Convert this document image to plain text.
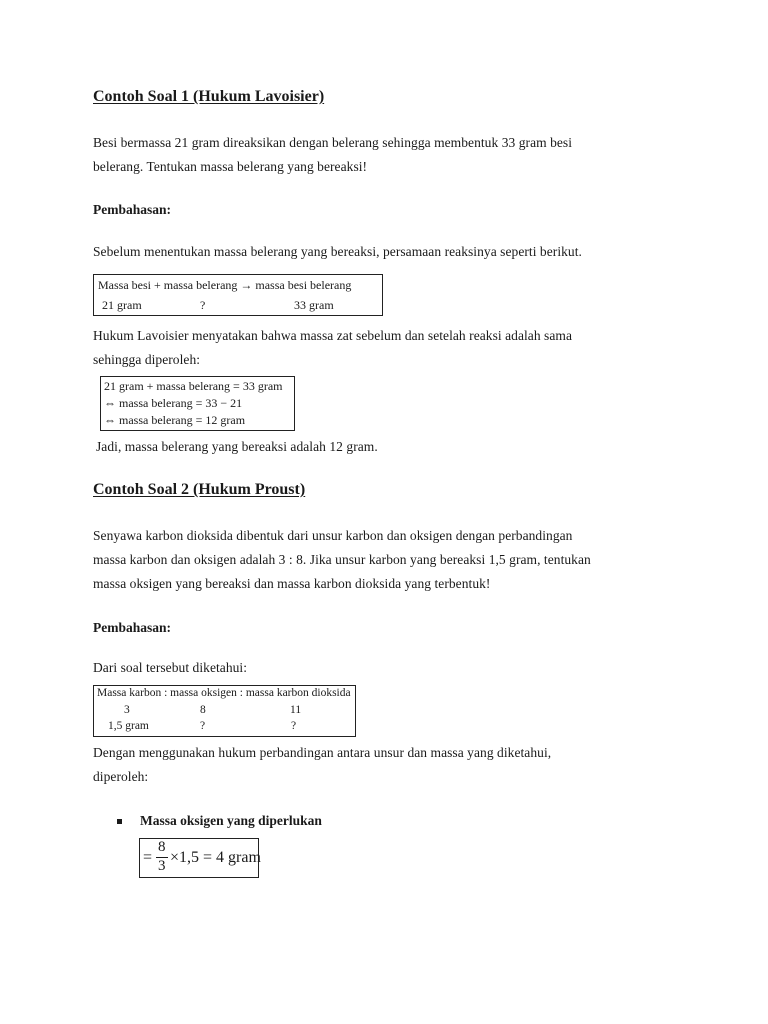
Contoh Soal 1 (Hukum Lavoisier)
Besi bermassa 21 gram direaksikan dengan belerang sehingga membentuk 33 gram besi
belerang. Tentukan massa belerang yang bereaksi!
Pembahasan:
Sebelum menentukan massa belerang yang bereaksi, persamaan reaksinya seperti berikut.
Massa besi + massa belerang → massa besi belerang
21 gram	?	33 gram
Hukum Lavoisier menyatakan bahwa massa zat sebelum dan setelah reaksi adalah sama
sehingga diperoleh:
21 gram + massa belerang = 33 gram
⇔ massa belerang = 33 − 21
⇔ massa belerang = 12 gram
Jadi, massa belerang yang bereaksi adalah 12 gram.
Contoh Soal 2 (Hukum Proust)
Senyawa karbon dioksida dibentuk dari unsur karbon dan oksigen dengan perbandingan
massa karbon dan oksigen adalah 3 : 8. Jika unsur karbon yang bereaksi 1,5 gram, tentukan
massa oksigen yang bereaksi dan massa karbon dioksida yang terbentuk!
Pembahasan:
Dari soal tersebut diketahui:
Massa karbon : massa oksigen : massa karbon dioksida
3	8	11
1,5 gram	?	?
Dengan menggunakan hukum perbandingan antara unsur dan massa yang diketahui,
diperoleh:
Massa oksigen yang diperlukan
=
8
3 ×1,5 = 4 gram
